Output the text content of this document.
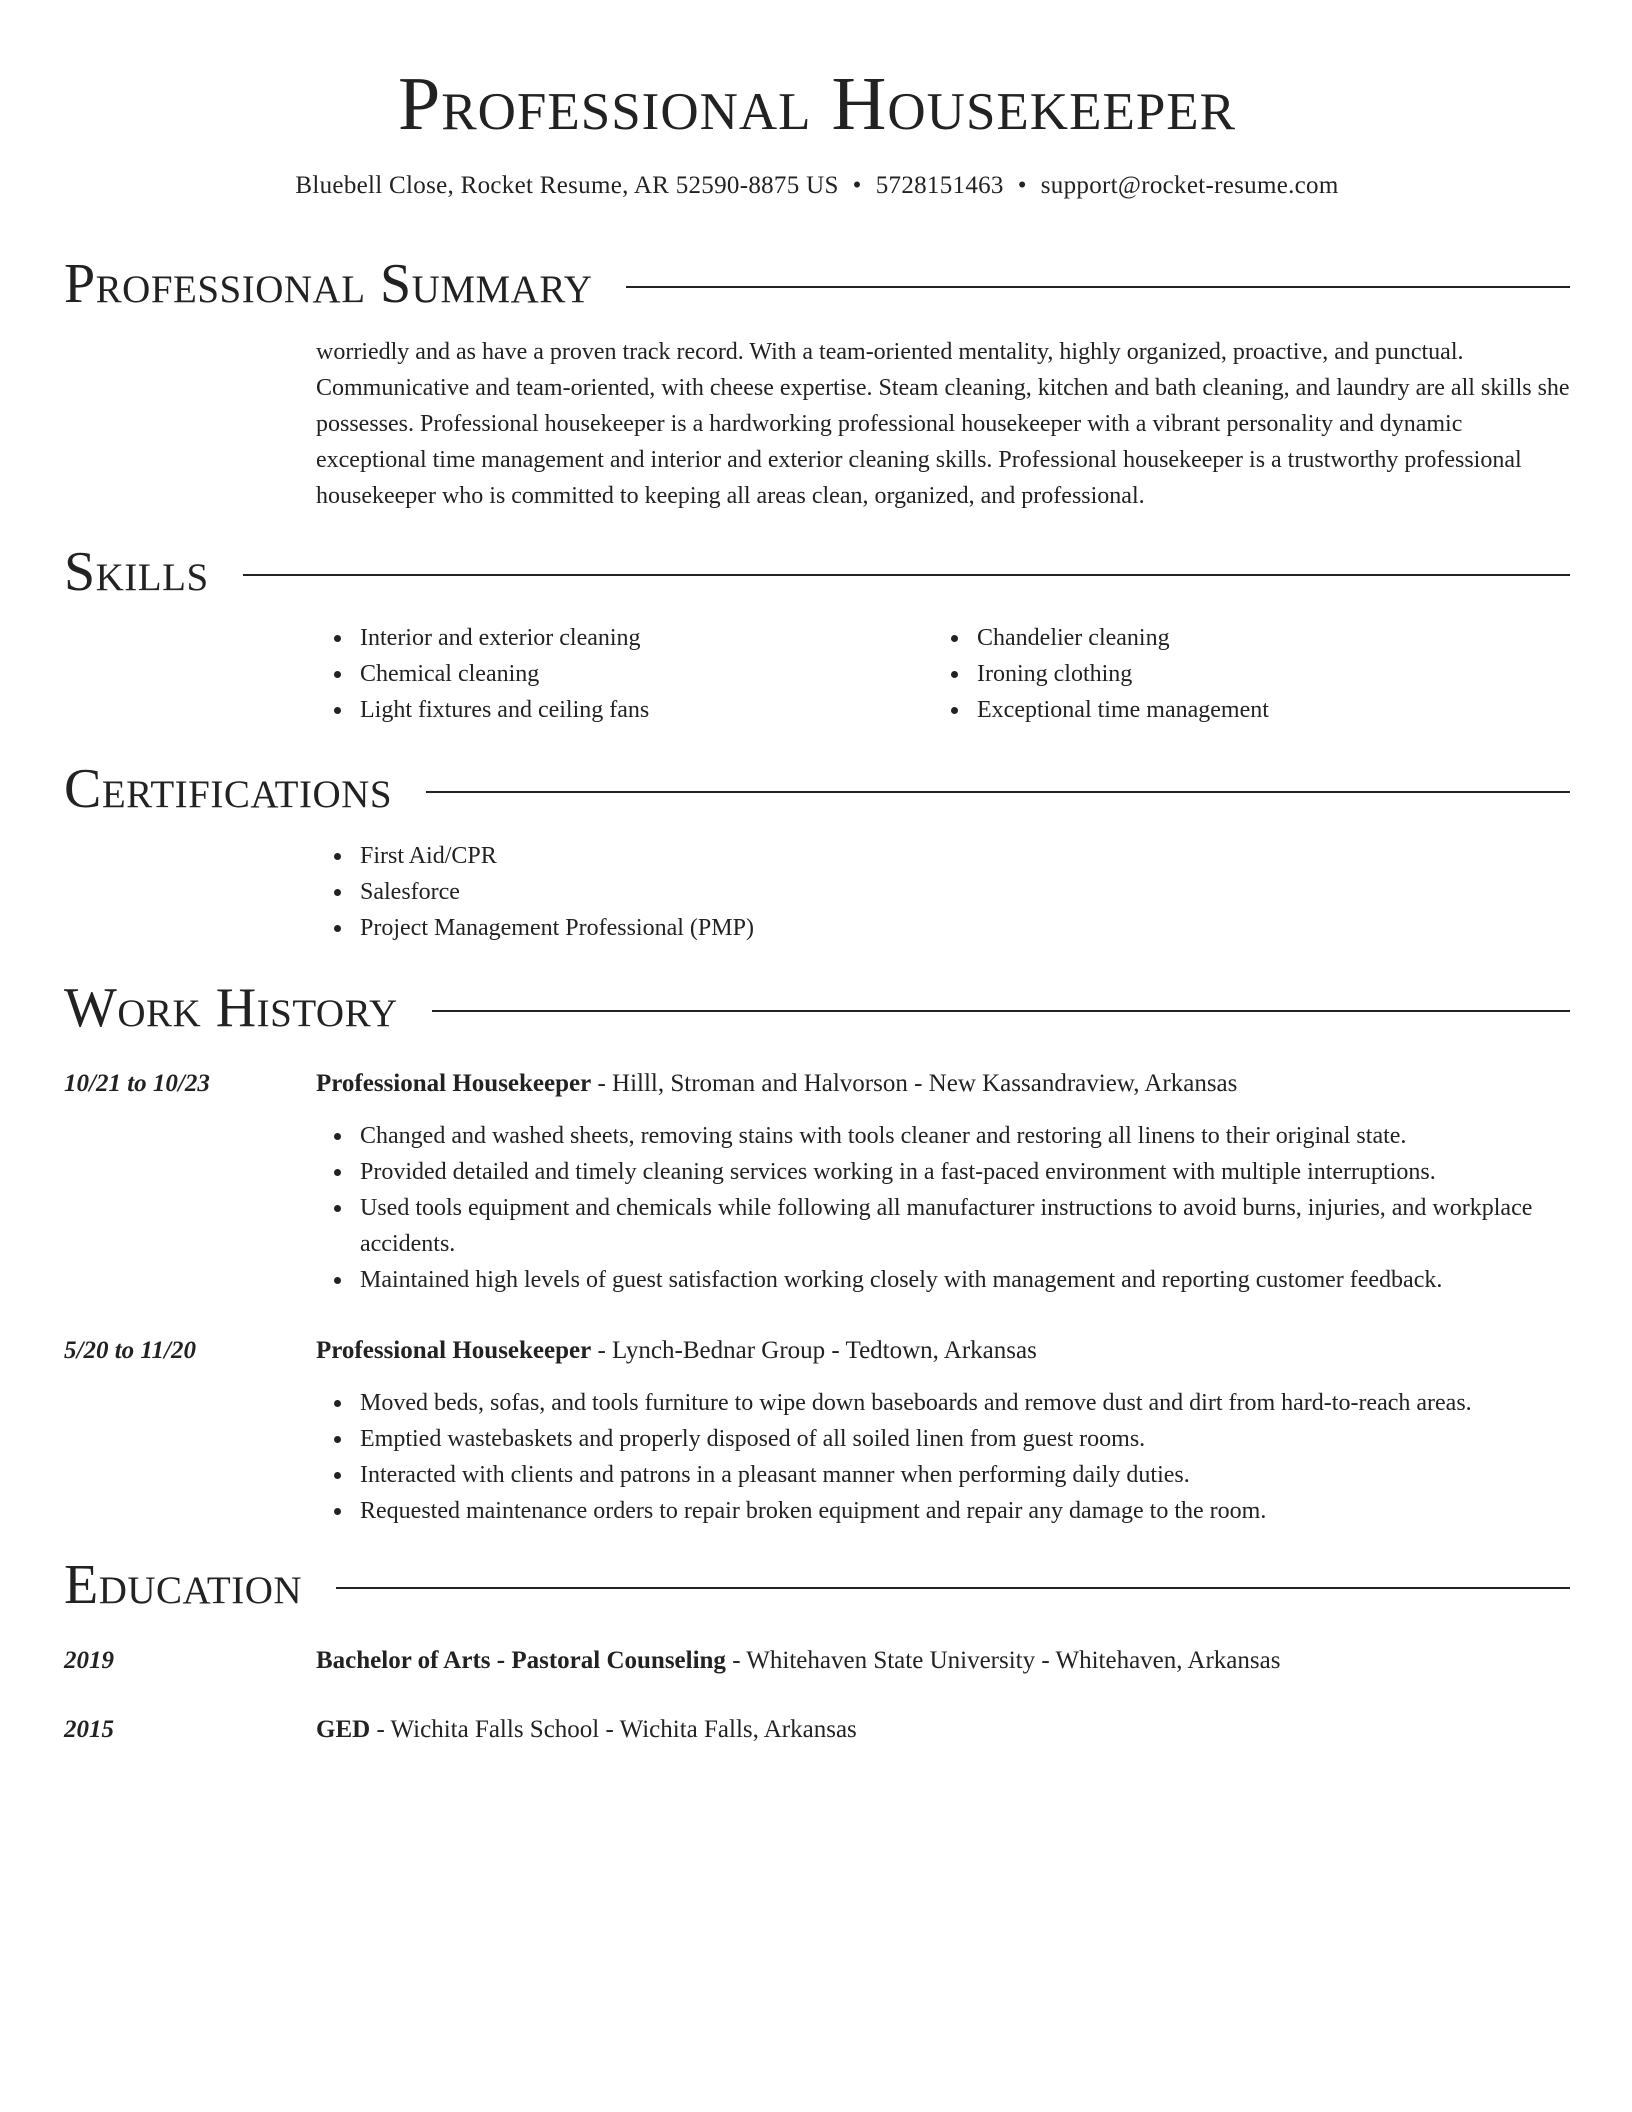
Professional Housekeeper
Bluebell Close, Rocket Resume, AR 52590-8875 US • 5728151463 • support@rocket-resume.com
Professional Summary

worriedly and as have a proven track record. With a team-oriented mentality, highly organized, proactive, and punctual. Communicative and team-oriented, with cheese expertise. Steam cleaning, kitchen and bath cleaning, and laundry are all skills she possesses. Professional housekeeper is a hardworking professional housekeeper with a vibrant personality and dynamic exceptional time management and interior and exterior cleaning skills. Professional housekeeper is a trustworthy professional housekeeper who is committed to keeping all areas clean, organized, and professional.

Skills
Interior and exterior cleaning
Chemical cleaning
Light fixtures and ceiling fans
Chandelier cleaning
Ironing clothing
Exceptional time management
Certifications
First Aid/CPR
Salesforce
Project Management Professional (PMP)
Work History
10/21 to 10/23	Professional Housekeeper - Hilll, Stroman and Halvorson - New Kassandraview, Arkansas
Changed and washed sheets, removing stains with tools cleaner and restoring all linens to their original state.
Provided detailed and timely cleaning services working in a fast-paced environment with multiple interruptions.
Used tools equipment and chemicals while following all manufacturer instructions to avoid burns, injuries, and workplace accidents.
Maintained high levels of guest satisfaction working closely with management and reporting customer feedback.
5/20 to 11/20	Professional Housekeeper - Lynch-Bednar Group - Tedtown, Arkansas
Moved beds, sofas, and tools furniture to wipe down baseboards and remove dust and dirt from hard-to-reach areas.
Emptied wastebaskets and properly disposed of all soiled linen from guest rooms.
Interacted with clients and patrons in a pleasant manner when performing daily duties.
Requested maintenance orders to repair broken equipment and repair any damage to the room.
Education
2019	Bachelor of Arts - Pastoral Counseling - Whitehaven State University - Whitehaven, Arkansas
2015	GED - Wichita Falls School - Wichita Falls, Arkansas
